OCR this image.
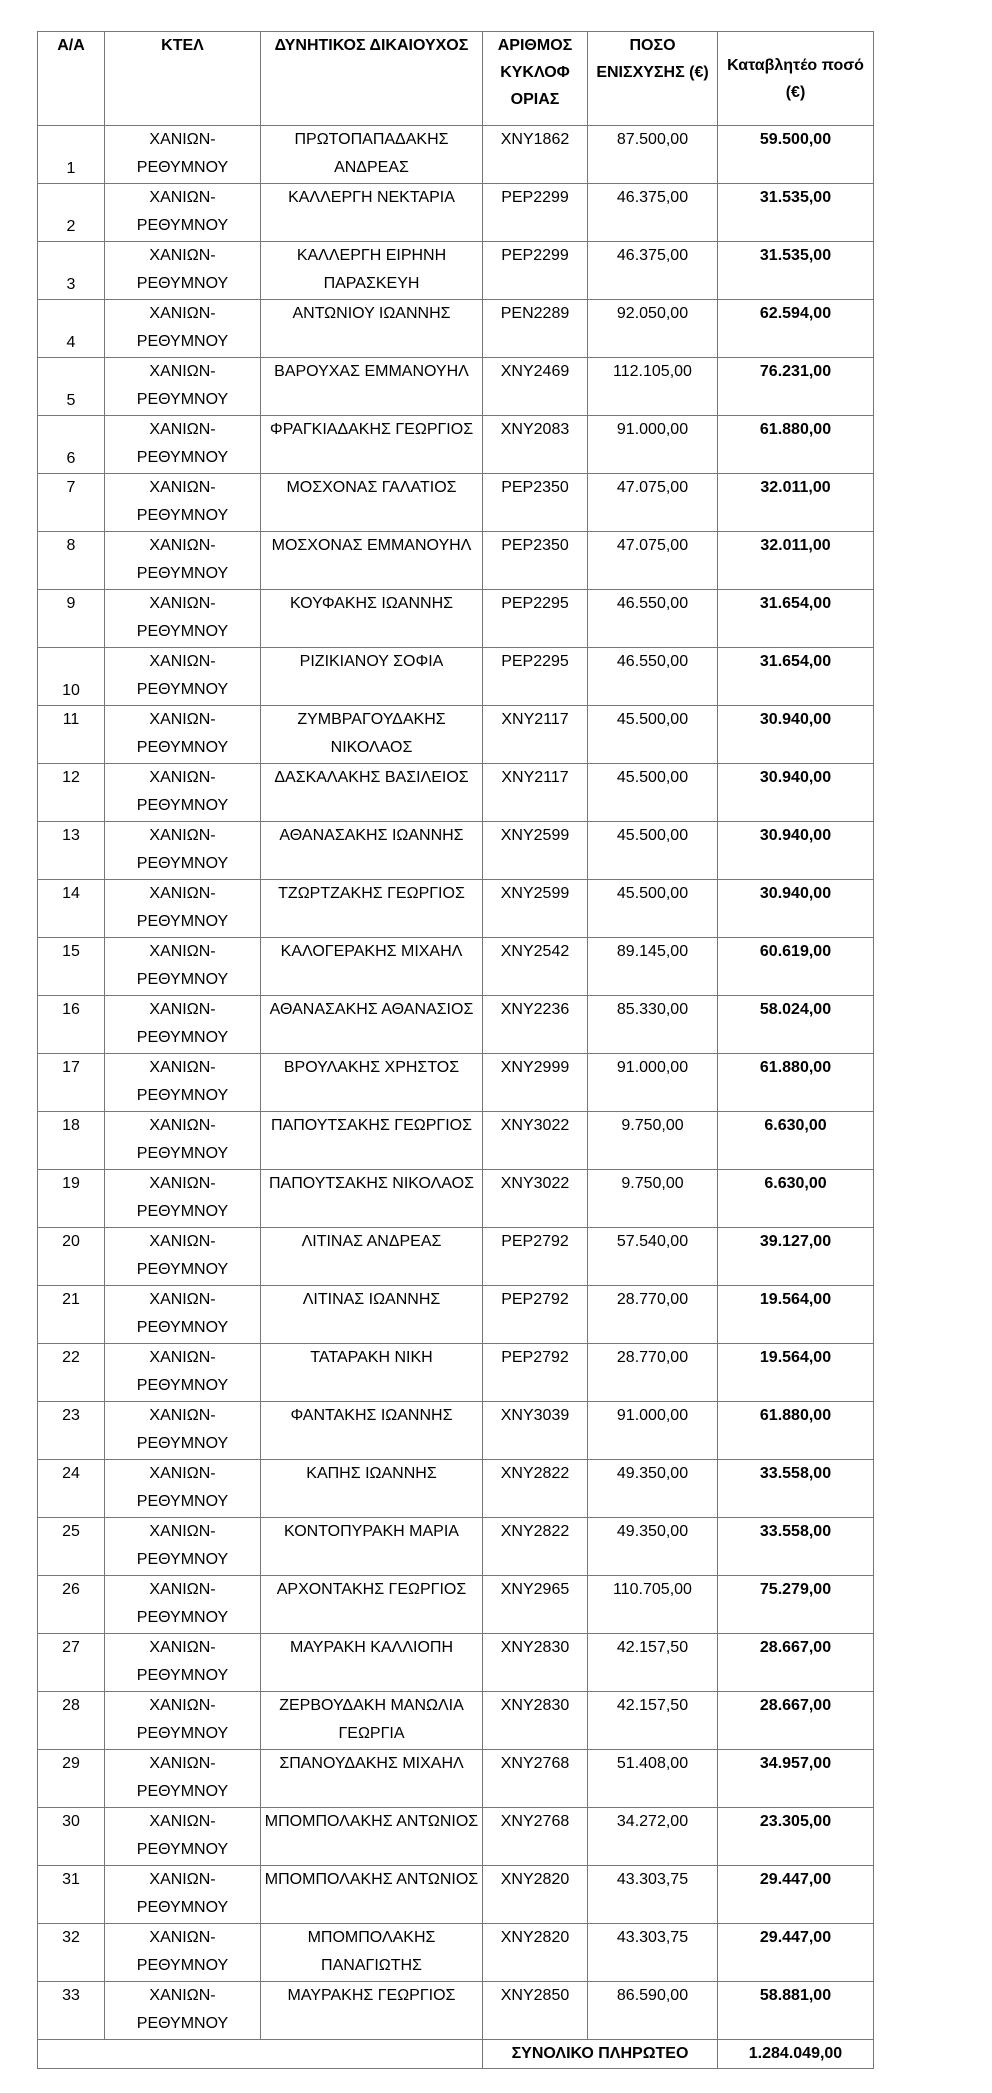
Α/Α	ΚΤΕΛ	ΔΥΝΗΤΙΚΟΣ ΔΙΚΑΙΟΥΧΟΣ	ΑΡΙΘΜΟΣ ΚΥΚΛΟΦ ΟΡΙΑΣ	ΠΟΣΟ ΕΝΙΣΧΥΣΗΣ (€)	Καταβλητέο ποσό (€)
1	ΧΑΝΙΩΝ-ΡΕΘΥΜΝΟΥ	ΠΡΩΤΟΠΑΠΑΔΑΚΗΣ ΑΝΔΡΕΑΣ	ΧΝΥ1862	87.500,00	59.500,00
2	ΧΑΝΙΩΝ-ΡΕΘΥΜΝΟΥ	ΚΑΛΛΕΡΓΗ ΝΕΚΤΑΡΙΑ	ΡΕΡ2299	46.375,00	31.535,00
3	ΧΑΝΙΩΝ-ΡΕΘΥΜΝΟΥ	ΚΑΛΛΕΡΓΗ ΕΙΡΗΝΗ ΠΑΡΑΣΚΕΥΗ	ΡΕΡ2299	46.375,00	31.535,00
4	ΧΑΝΙΩΝ-ΡΕΘΥΜΝΟΥ	ΑΝΤΩΝΙΟΥ ΙΩΑΝΝΗΣ	ΡΕΝ2289	92.050,00	62.594,00
5	ΧΑΝΙΩΝ-ΡΕΘΥΜΝΟΥ	ΒΑΡΟΥΧΑΣ ΕΜΜΑΝΟΥΗΛ	ΧΝΥ2469	112.105,00	76.231,00
6	ΧΑΝΙΩΝ-ΡΕΘΥΜΝΟΥ	ΦΡΑΓΚΙΑΔΑΚΗΣ ΓΕΩΡΓΙΟΣ	ΧΝΥ2083	91.000,00	61.880,00
7	ΧΑΝΙΩΝ-ΡΕΘΥΜΝΟΥ	ΜΟΣΧΟΝΑΣ ΓΑΛΑΤΙΟΣ	ΡΕΡ2350	47.075,00	32.011,00
8	ΧΑΝΙΩΝ-ΡΕΘΥΜΝΟΥ	ΜΟΣΧΟΝΑΣ ΕΜΜΑΝΟΥΗΛ	ΡΕΡ2350	47.075,00	32.011,00
9	ΧΑΝΙΩΝ-ΡΕΘΥΜΝΟΥ	ΚΟΥΦΑΚΗΣ ΙΩΑΝΝΗΣ	ΡΕΡ2295	46.550,00	31.654,00
10	ΧΑΝΙΩΝ-ΡΕΘΥΜΝΟΥ	ΡΙΖΙΚΙΑΝΟΥ ΣΟΦΙΑ	ΡΕΡ2295	46.550,00	31.654,00
11	ΧΑΝΙΩΝ-ΡΕΘΥΜΝΟΥ	ΖΥΜΒΡΑΓΟΥΔΑΚΗΣ ΝΙΚΟΛΑΟΣ	ΧΝΥ2117	45.500,00	30.940,00
12	ΧΑΝΙΩΝ-ΡΕΘΥΜΝΟΥ	ΔΑΣΚΑΛΑΚΗΣ ΒΑΣΙΛΕΙΟΣ	ΧΝΥ2117	45.500,00	30.940,00
13	ΧΑΝΙΩΝ-ΡΕΘΥΜΝΟΥ	ΑΘΑΝΑΣΑΚΗΣ ΙΩΑΝΝΗΣ	ΧΝΥ2599	45.500,00	30.940,00
14	ΧΑΝΙΩΝ-ΡΕΘΥΜΝΟΥ	ΤΖΩΡΤΖΑΚΗΣ ΓΕΩΡΓΙΟΣ	ΧΝΥ2599	45.500,00	30.940,00
15	ΧΑΝΙΩΝ-ΡΕΘΥΜΝΟΥ	ΚΑΛΟΓΕΡΑΚΗΣ ΜΙΧΑΗΛ	ΧΝΥ2542	89.145,00	60.619,00
16	ΧΑΝΙΩΝ-ΡΕΘΥΜΝΟΥ	ΑΘΑΝΑΣΑΚΗΣ ΑΘΑΝΑΣΙΟΣ	ΧΝΥ2236	85.330,00	58.024,00
17	ΧΑΝΙΩΝ-ΡΕΘΥΜΝΟΥ	ΒΡΟΥΛΑΚΗΣ ΧΡΗΣΤΟΣ	ΧΝΥ2999	91.000,00	61.880,00
18	ΧΑΝΙΩΝ-ΡΕΘΥΜΝΟΥ	ΠΑΠΟΥΤΣΑΚΗΣ ΓΕΩΡΓΙΟΣ	ΧΝΥ3022	9.750,00	6.630,00
19	ΧΑΝΙΩΝ-ΡΕΘΥΜΝΟΥ	ΠΑΠΟΥΤΣΑΚΗΣ ΝΙΚΟΛΑΟΣ	ΧΝΥ3022	9.750,00	6.630,00
20	ΧΑΝΙΩΝ-ΡΕΘΥΜΝΟΥ	ΛΙΤΙΝΑΣ ΑΝΔΡΕΑΣ	ΡΕΡ2792	57.540,00	39.127,00
21	ΧΑΝΙΩΝ-ΡΕΘΥΜΝΟΥ	ΛΙΤΙΝΑΣ ΙΩΑΝΝΗΣ	ΡΕΡ2792	28.770,00	19.564,00
22	ΧΑΝΙΩΝ-ΡΕΘΥΜΝΟΥ	ΤΑΤΑΡΑΚΗ ΝΙΚΗ	ΡΕΡ2792	28.770,00	19.564,00
23	ΧΑΝΙΩΝ-ΡΕΘΥΜΝΟΥ	ΦΑΝΤΑΚΗΣ ΙΩΑΝΝΗΣ	ΧΝΥ3039	91.000,00	61.880,00
24	ΧΑΝΙΩΝ-ΡΕΘΥΜΝΟΥ	ΚΑΠΗΣ ΙΩΑΝΝΗΣ	ΧΝΥ2822	49.350,00	33.558,00
25	ΧΑΝΙΩΝ-ΡΕΘΥΜΝΟΥ	ΚΟΝΤΟΠΥΡΑΚΗ ΜΑΡΙΑ	ΧΝΥ2822	49.350,00	33.558,00
26	ΧΑΝΙΩΝ-ΡΕΘΥΜΝΟΥ	ΑΡΧΟΝΤΑΚΗΣ ΓΕΩΡΓΙΟΣ	ΧΝΥ2965	110.705,00	75.279,00
27	ΧΑΝΙΩΝ-ΡΕΘΥΜΝΟΥ	ΜΑΥΡΑΚΗ ΚΑΛΛΙΟΠΗ	ΧΝΥ2830	42.157,50	28.667,00
28	ΧΑΝΙΩΝ-ΡΕΘΥΜΝΟΥ	ΖΕΡΒΟΥΔΑΚΗ ΜΑΝΩΛΙΑ ΓΕΩΡΓΙΑ	ΧΝΥ2830	42.157,50	28.667,00
29	ΧΑΝΙΩΝ-ΡΕΘΥΜΝΟΥ	ΣΠΑΝΟΥΔΑΚΗΣ ΜΙΧΑΗΛ	ΧΝΥ2768	51.408,00	34.957,00
30	ΧΑΝΙΩΝ-ΡΕΘΥΜΝΟΥ	ΜΠΟΜΠΟΛΑΚΗΣ ΑΝΤΩΝΙΟΣ	ΧΝΥ2768	34.272,00	23.305,00
31	ΧΑΝΙΩΝ-ΡΕΘΥΜΝΟΥ	ΜΠΟΜΠΟΛΑΚΗΣ ΑΝΤΩΝΙΟΣ	ΧΝΥ2820	43.303,75	29.447,00
32	ΧΑΝΙΩΝ-ΡΕΘΥΜΝΟΥ	ΜΠΟΜΠΟΛΑΚΗΣ ΠΑΝΑΓΙΩΤΗΣ	ΧΝΥ2820	43.303,75	29.447,00
33	ΧΑΝΙΩΝ-ΡΕΘΥΜΝΟΥ	ΜΑΥΡΑΚΗΣ ΓΕΩΡΓΙΟΣ	ΧΝΥ2850	86.590,00	58.881,00
			ΣΥΝΟΛΙΚΟ ΠΛΗΡΩΤΕΟ		1.284.049,00
